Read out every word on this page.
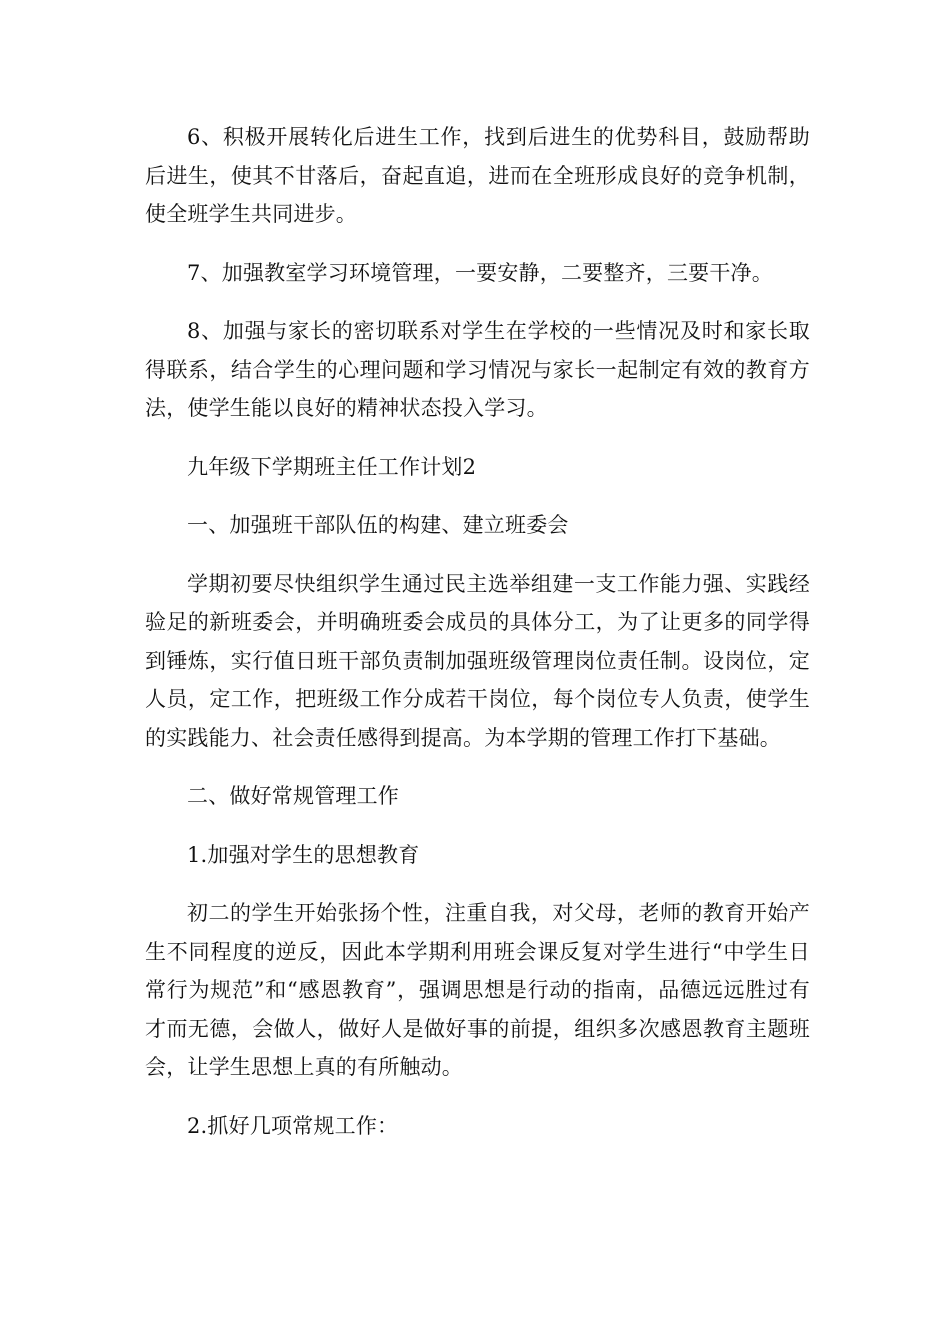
6、积极开展转化后进生工作，找到后进生的优势科目，鼓励帮助后进生，使其不甘落后，奋起直追，进而在全班形成良好的竞争机制，使全班学生共同进步。

7、加强教室学习环境管理，一要安静，二要整齐，三要干净。

8、加强与家长的密切联系对学生在学校的一些情况及时和家长取得联系，结合学生的心理问题和学习情况与家长一起制定有效的教育方法，使学生能以良好的精神状态投入学习。

九年级下学期班主任工作计划2

一、加强班干部队伍的构建、建立班委会

学期初要尽快组织学生通过民主选举组建一支工作能力强、实践经验足的新班委会，并明确班委会成员的具体分工，为了让更多的同学得到锤炼，实行值日班干部负责制加强班级管理岗位责任制。设岗位，定人员，定工作，把班级工作分成若干岗位，每个岗位专人负责，使学生的实践能力、社会责任感得到提高。为本学期的管理工作打下基础。

二、做好常规管理工作

1.加强对学生的思想教育

初二的学生开始张扬个性，注重自我，对父母，老师的教育开始产生不同程度的逆反，因此本学期利用班会课反复对学生进行“中学生日常行为规范”和“感恩教育”，强调思想是行动的指南，品德远远胜过有才而无德，会做人，做好人是做好事的前提，组织多次感恩教育主题班会，让学生思想上真的有所触动。

2.抓好几项常规工作：
